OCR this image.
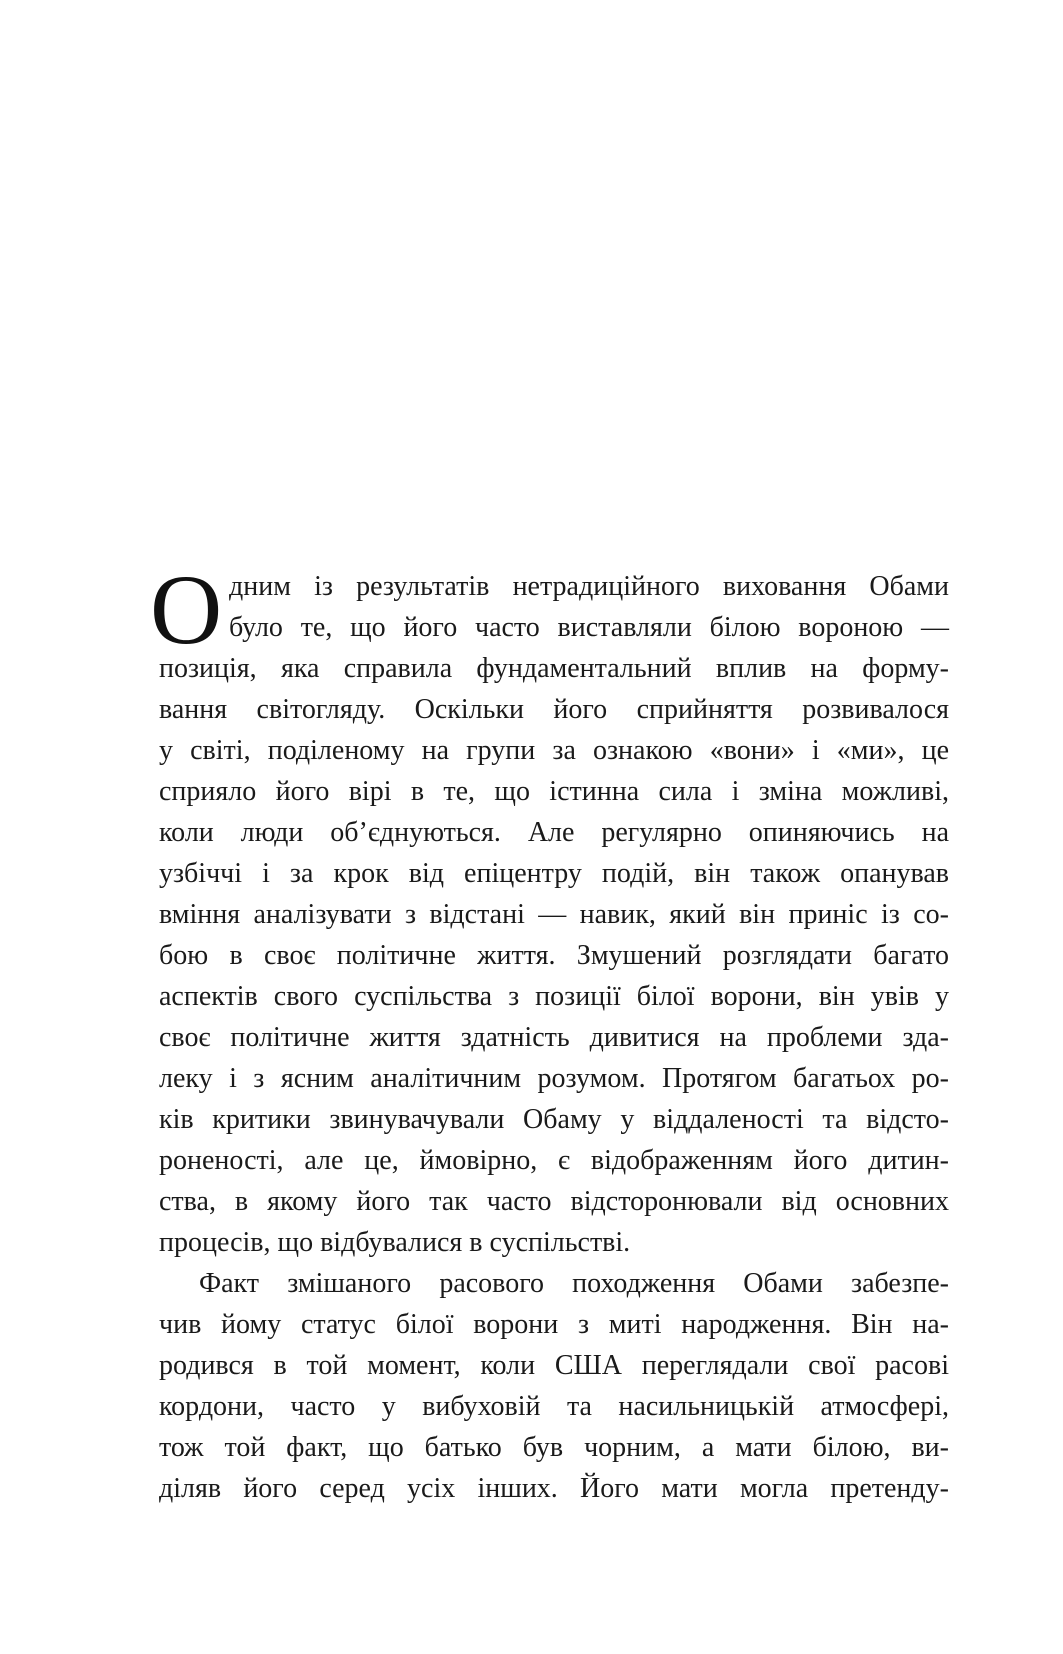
О дним із результатів нетрадиційного виховання Обами
було те, що його часто виставляли білою вороною —
позиція, яка справила фундаментальний вплив на форму-
вання світогляду. Оскільки його сприйняття розвивалося
у світі, поділеному на групи за ознакою «вони» і «ми», це
сприяло його вірі в те, що істинна сила і зміна можливі,
коли люди об’єднуються. Але регулярно опиняючись на
узбіччі і за крок від епіцентру подій, він також опанував
вміння аналізувати з відстані — навик, який він приніс із со-
бою в своє політичне життя. Змушений розглядати багато
аспектів свого суспільства з позиції білої ворони, він увів у
своє політичне життя здатність дивитися на проблеми зда-
леку і з ясним аналітичним розумом. Протягом багатьох ро-
ків критики звинувачували Обаму у віддаленості та відсто-
роненості, але це, ймовірно, є відображенням його дитин-
ства, в якому його так часто відсторонювали від основних
процесів, що відбувалися в суспільстві.
Факт змішаного расового походження Обами забезпе-
чив йому статус білої ворони з миті народження. Він на-
родився в той момент, коли США переглядали свої расові
кордони, часто у вибуховій та насильницькій атмосфері,
тож той факт, що батько був чорним, а мати білою, ви-
діляв його серед усіх інших. Його мати могла претенду-
